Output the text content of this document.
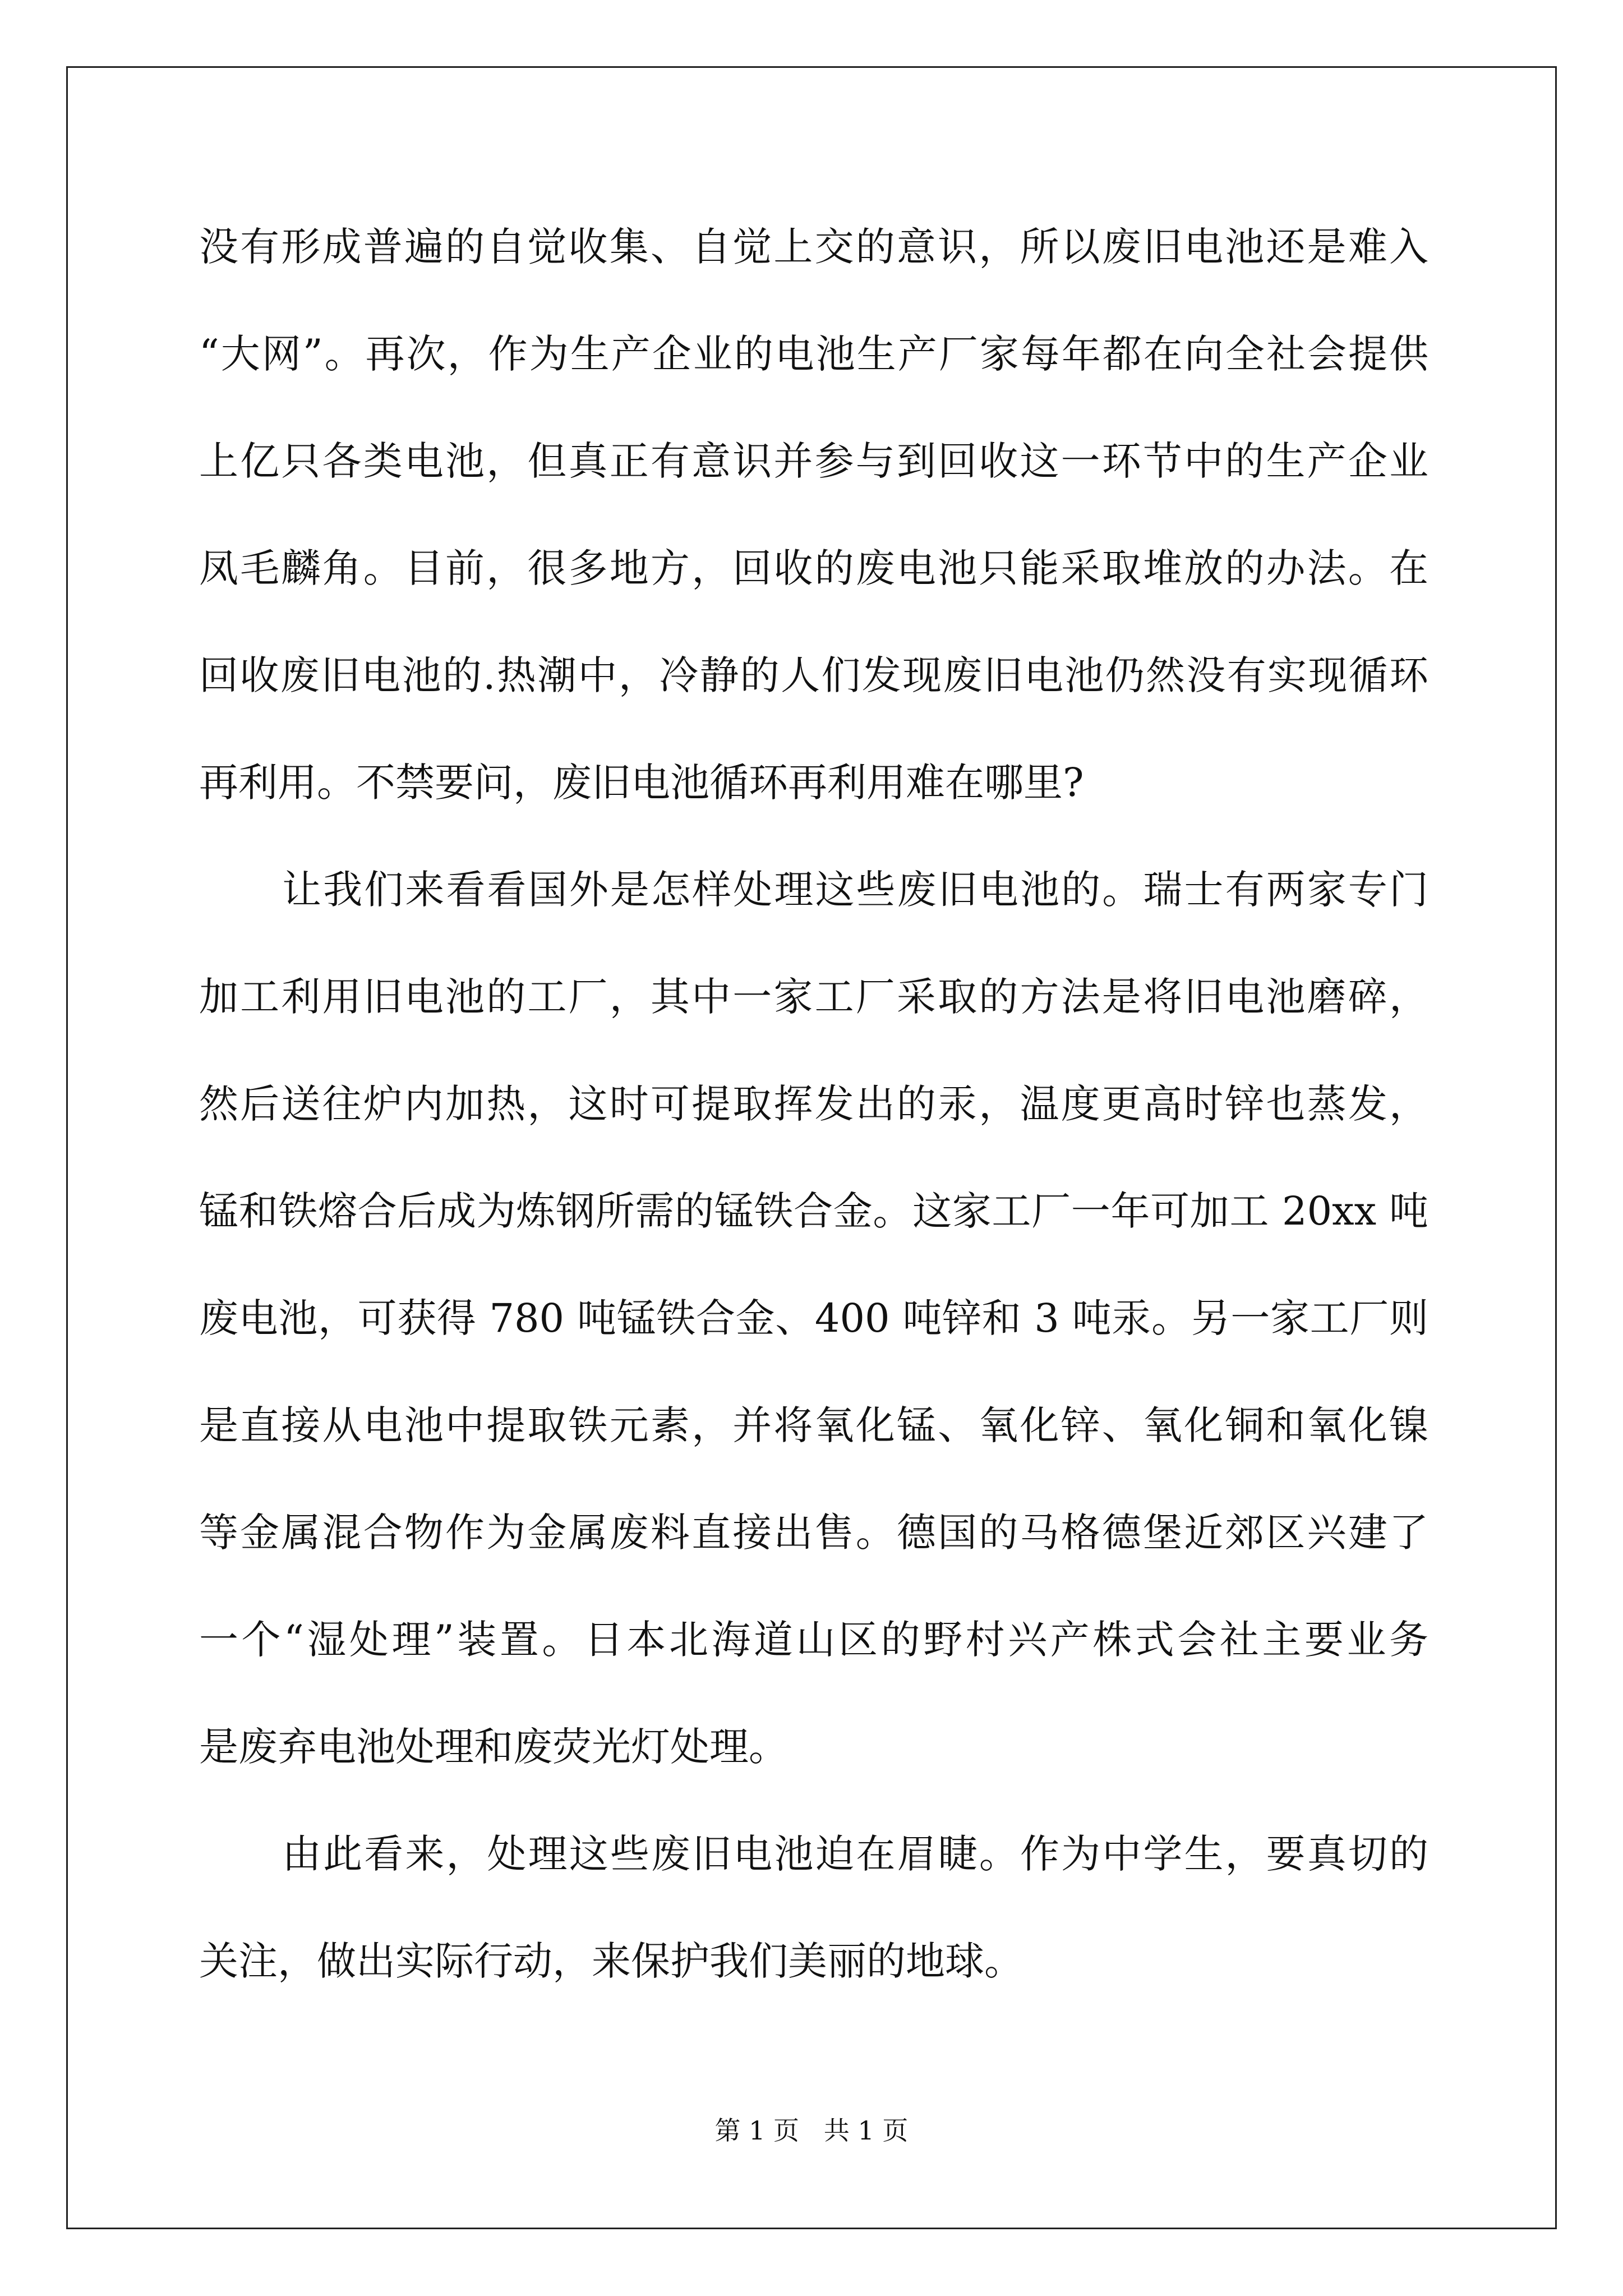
没有形成普遍的自觉收集、自觉上交的意识，所以废旧电池还是难入
“大网”。再次，作为生产企业的电池生产厂家每年都在向全社会提供
上亿只各类电池，但真正有意识并参与到回收这一环节中的生产企业
凤毛麟角。目前，很多地方，回收的废电池只能采取堆放的办法。在
回收废旧电池的.热潮中，冷静的人们发现废旧电池仍然没有实现循环
再利用。不禁要问，废旧电池循环再利用难在哪里?
让我们来看看国外是怎样处理这些废旧电池的。瑞士有两家专门
加工利用旧电池的工厂，其中一家工厂采取的方法是将旧电池磨碎，
然后送往炉内加热，这时可提取挥发出的汞，温度更高时锌也蒸发，
锰和铁熔合后成为炼钢所需的锰铁合金。这家工厂一年可加工 20xx 吨
废电池，可获得 780 吨锰铁合金、400 吨锌和 3 吨汞。另一家工厂则
是直接从电池中提取铁元素，并将氧化锰、氧化锌、氧化铜和氧化镍
等金属混合物作为金属废料直接出售。德国的马格德堡近郊区兴建了
一个“湿处理”装置。日本北海道山区的野村兴产株式会社主要业务
是废弃电池处理和废荧光灯处理。
由此看来，处理这些废旧电池迫在眉睫。作为中学生，要真切的
关注，做出实际行动，来保护我们美丽的地球。
第 1 页   共 1 页
